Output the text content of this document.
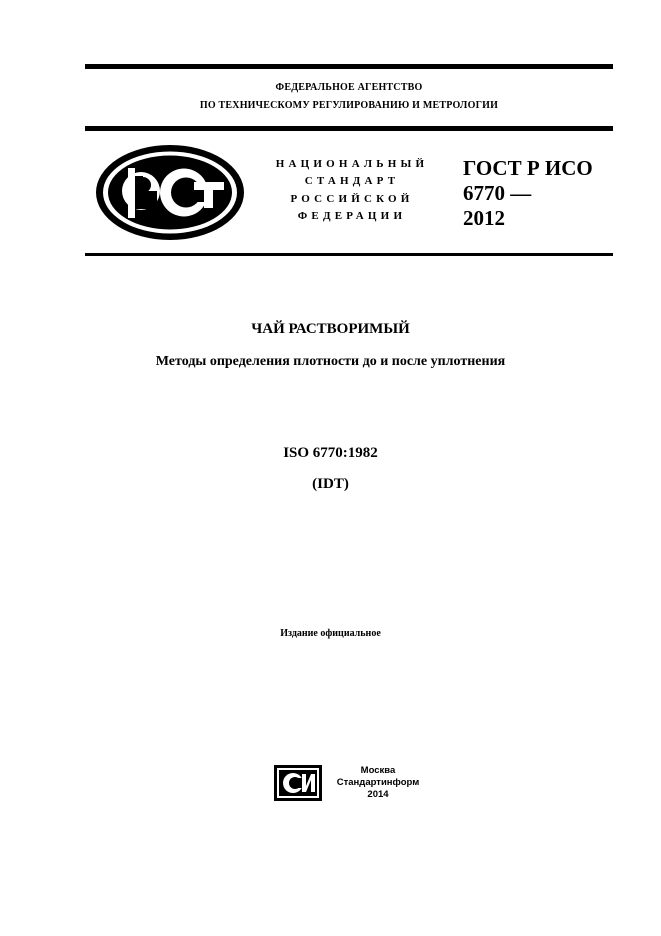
ФЕДЕРАЛЬНОЕ АГЕНТСТВО
ПО ТЕХНИЧЕСКОМУ РЕГУЛИРОВАНИЮ И МЕТРОЛОГИИ
НАЦИОНАЛЬНЫЙ
СТАНДАРТ
РОССИЙСКОЙ
ФЕДЕРАЦИИ
ГОСТ Р ИСО
6770 —
2012
ЧАЙ РАСТВОРИМЫЙ
Методы определения плотности до и после уплотнения
ISO 6770:1982
(IDT)
Издание официальное
Москва
Стандартинформ
2014
